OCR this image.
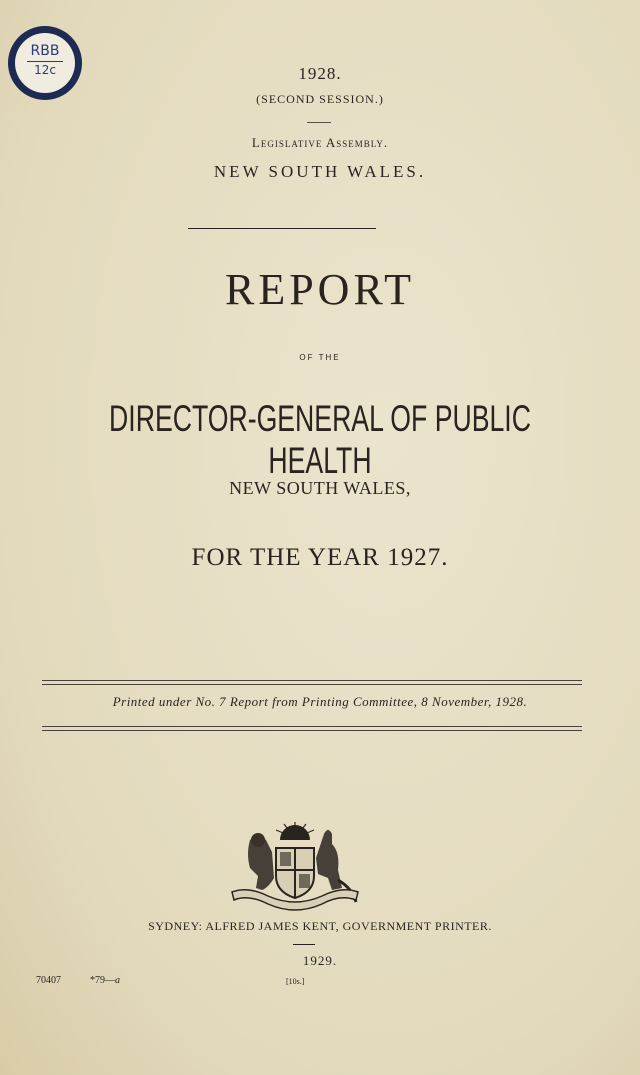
RBB
12c	1928.
(SECOND SESSION.)
Legislative Assembly.
NEW SOUTH WALES.
REPORT
OF THE
DIRECTOR-GENERAL OF PUBLIC HEALTH
NEW SOUTH WALES,
FOR THE YEAR 1927.
Printed under No. 7 Report from Printing Committee, 8 November, 1928.
SYDNEY: ALFRED JAMES KENT, GOVERNMENT PRINTER.
1929.
[10s.]
70407	*79—a
